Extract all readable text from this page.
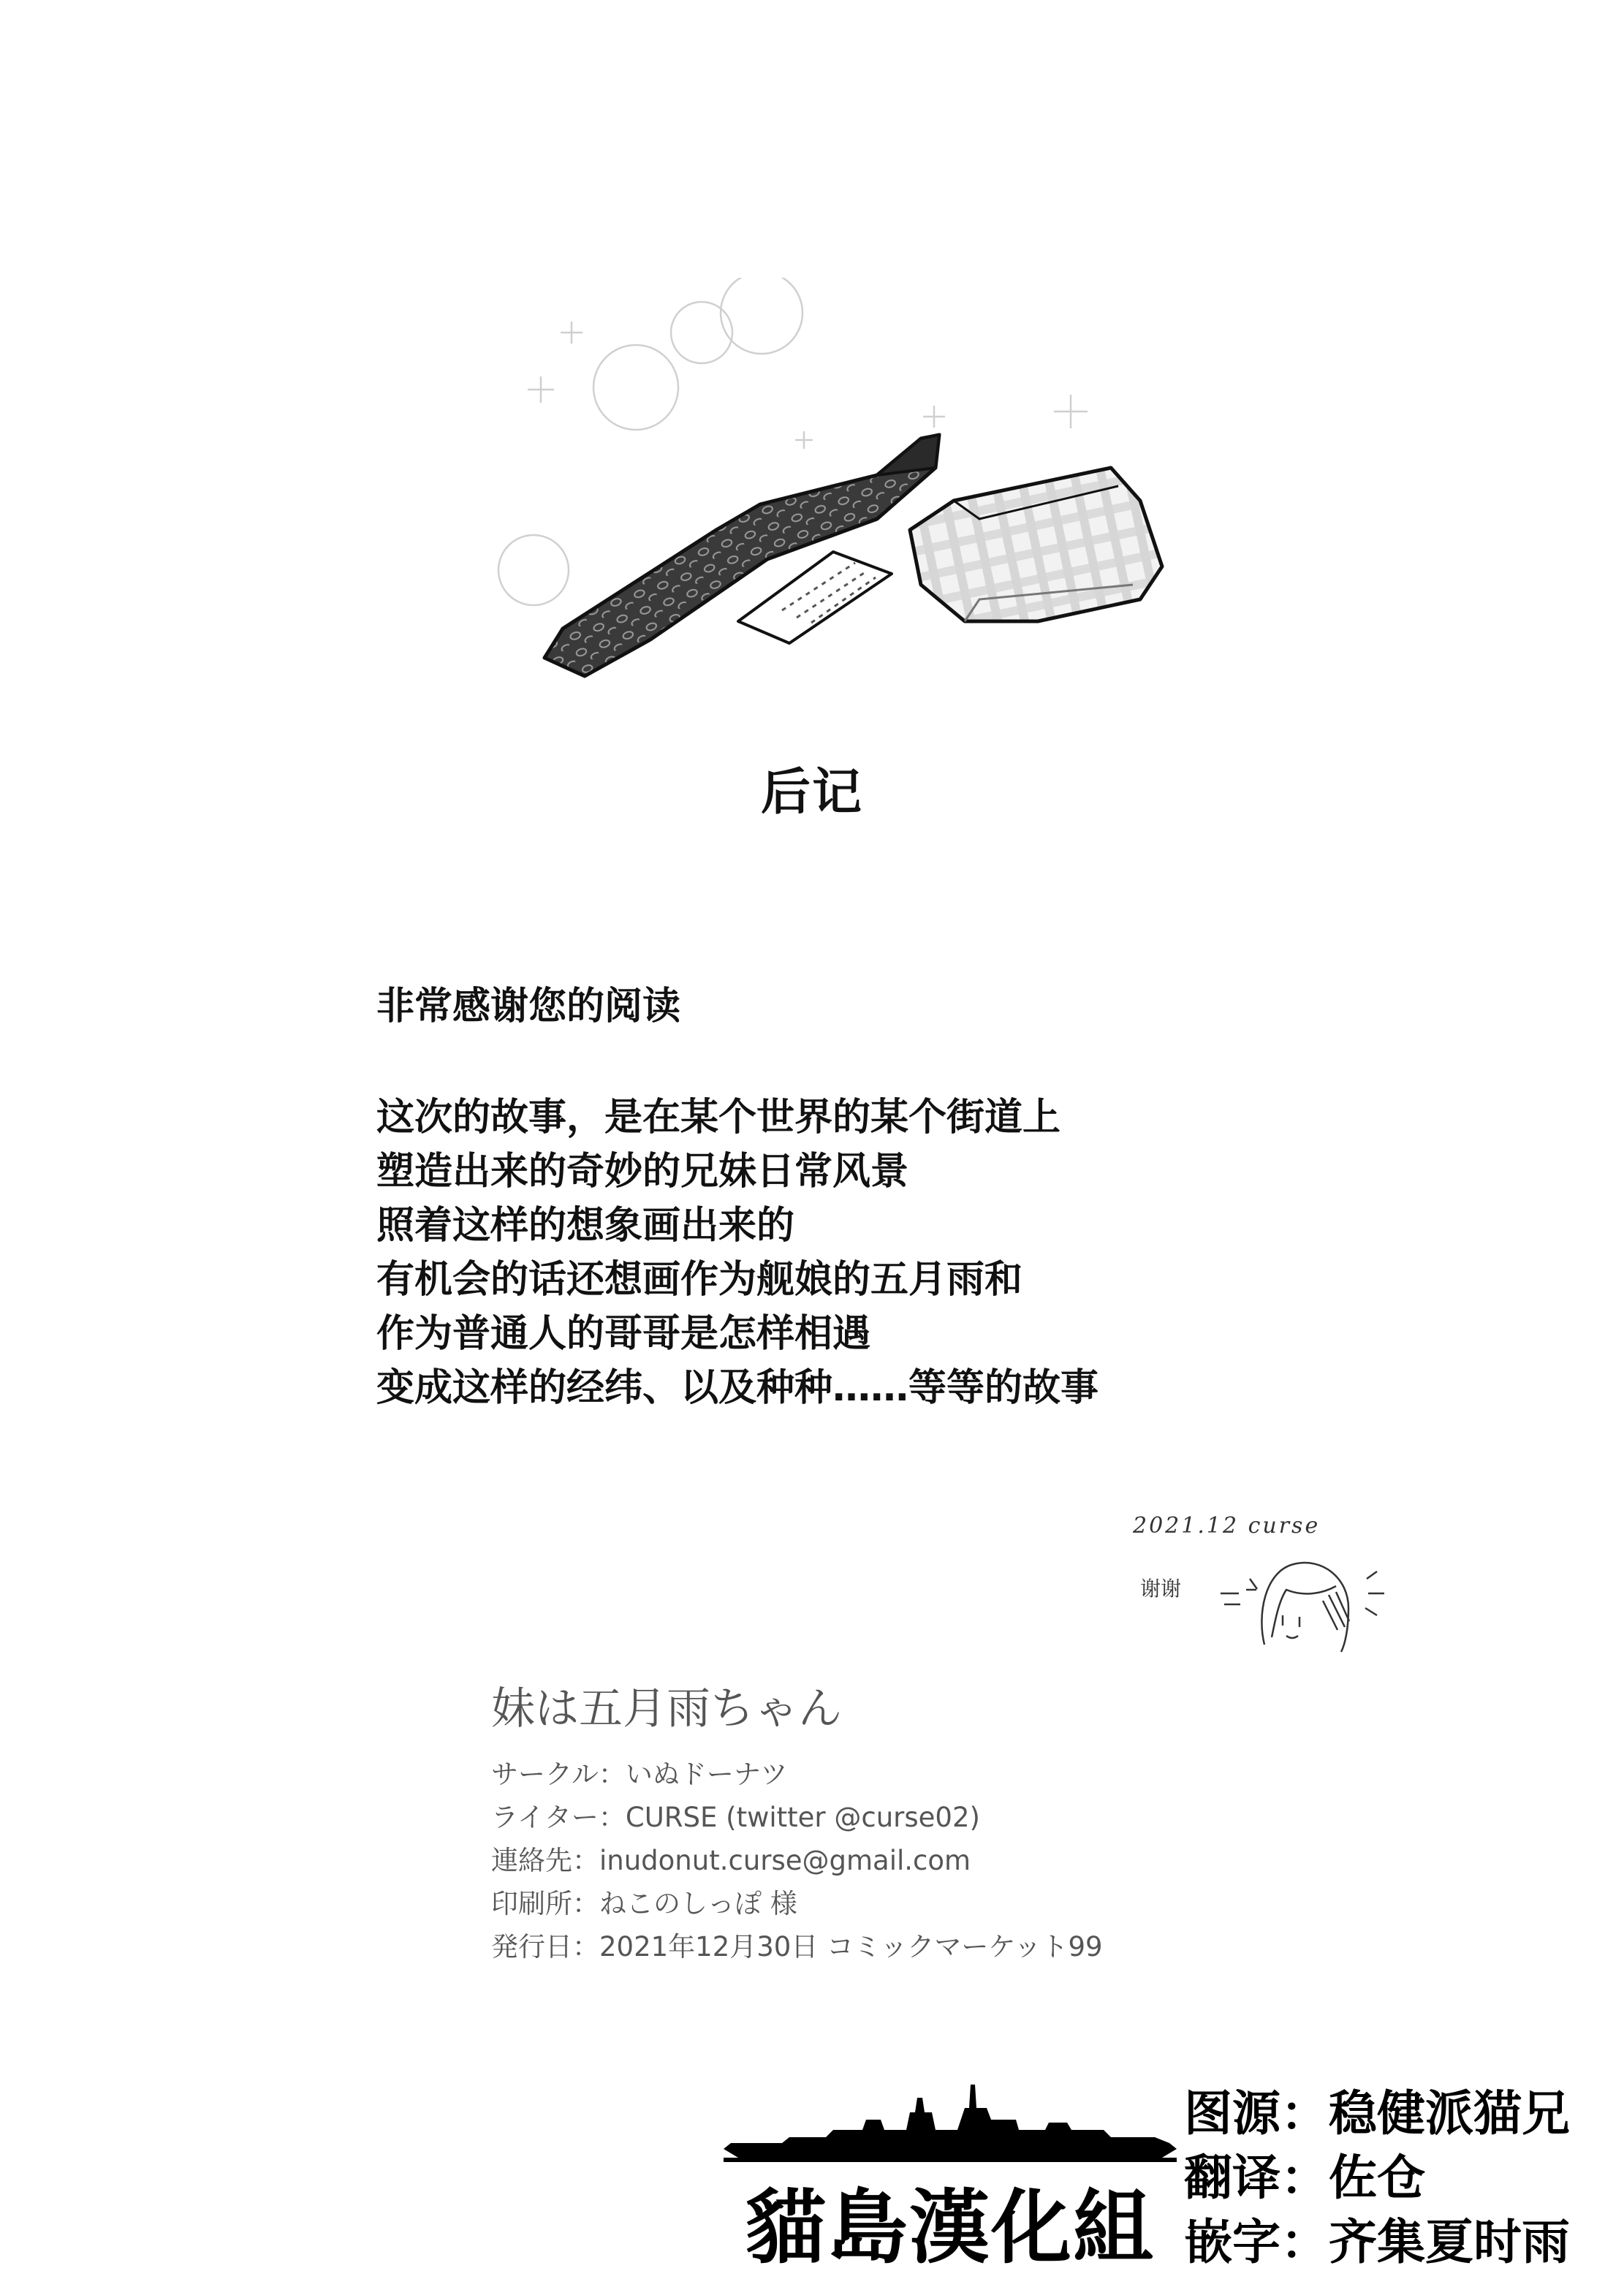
后记
非常感谢您的阅读
这次的故事，是在某个世界的某个街道上
塑造出来的奇妙的兄妹日常风景
照着这样的想象画出来的
有机会的话还想画作为舰娘的五月雨和
作为普通人的哥哥是怎样相遇
变成这样的经纬、以及种种……等等的故事
2021.12 curse
谢谢
妹は五月雨ちゃん
サークル：いぬドーナツ
ライター：CURSE (twitter @curse02)
連絡先：inudonut.curse@gmail.com
印刷所：ねこのしっぽ 様
発行日：2021年12月30日 コミックマーケット99
貓島漢化組
图源：稳健派猫兄
翻译：佐仓
嵌字：齐集夏时雨
